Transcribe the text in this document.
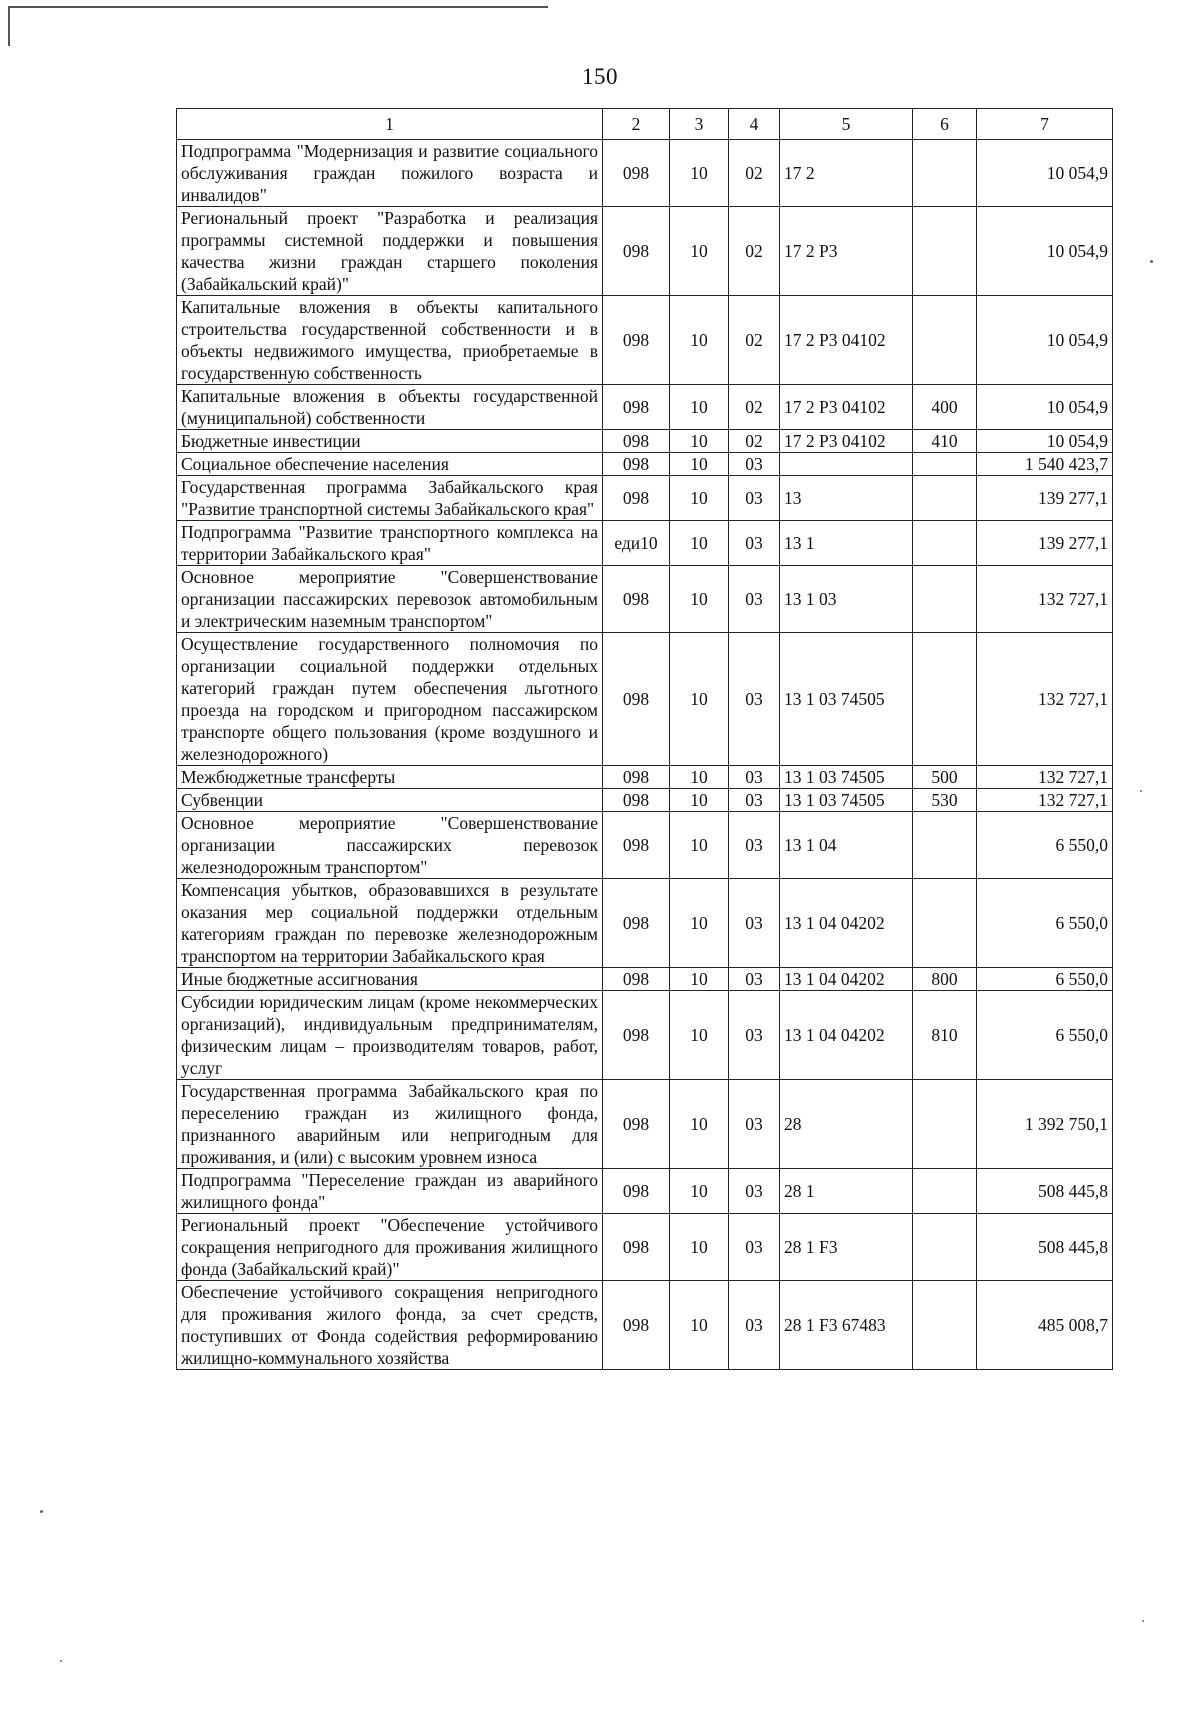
150
1	2	3	4	5	6	7
Подпрограмма "Модернизация и развитие социального обслуживания граждан пожилого возраста и инвалидов"	098	10	02	17 2		10 054,9
Региональный проект "Разработка и реализация программы системной поддержки и повышения качества жизни граждан старшего поколения (Забайкальский край)"	098	10	02	17 2 P3		10 054,9
Капитальные вложения в объекты капитального строительства государственной собственности и в объекты недвижимого имущества, приобретаемые в государственную собственность	098	10	02	17 2 P3 04102		10 054,9
Капитальные вложения в объекты государственной (муниципальной) собственности	098	10	02	17 2 P3 04102	400	10 054,9
Бюджетные инвестиции	098	10	02	17 2 P3 04102	410	10 054,9
Социальное обеспечение населения	098	10	03			1 540 423,7
Государственная программа Забайкальского края "Развитие транспортной системы Забайкальского края"	098	10	03	13		139 277,1
Подпрограмма "Развитие транспортного комплекса на территории Забайкальского края"	еди10	10	03	13 1		139 277,1
Основное мероприятие "Совершенствование организации пассажирских перевозок автомобильным и электрическим наземным транспортом"	098	10	03	13 1 03		132 727,1
Осуществление государственного полномочия по организации социальной поддержки отдельных категорий граждан путем обеспечения льготного проезда на городском и пригородном пассажирском транспорте общего пользования (кроме воздушного и железнодорожного)	098	10	03	13 1 03 74505		132 727,1
Межбюджетные трансферты	098	10	03	13 1 03 74505	500	132 727,1
Субвенции	098	10	03	13 1 03 74505	530	132 727,1
Основное мероприятие "Совершенствование организации пассажирских перевозок железнодорожным транспортом"	098	10	03	13 1 04		6 550,0
Компенсация убытков, образовавшихся в результате оказания мер социальной поддержки отдельным категориям граждан по перевозке железнодорожным транспортом на территории Забайкальского края	098	10	03	13 1 04 04202		6 550,0
Иные бюджетные ассигнования	098	10	03	13 1 04 04202	800	6 550,0
Субсидии юридическим лицам (кроме некоммерческих организаций), индивидуальным предпринимателям, физическим лицам – производителям товаров, работ, услуг	098	10	03	13 1 04 04202	810	6 550,0
Государственная программа Забайкальского края по переселению граждан из жилищного фонда, признанного аварийным или непригодным для проживания, и (или) с высоким уровнем износа	098	10	03	28		1 392 750,1
Подпрограмма "Переселение граждан из аварийного жилищного фонда"	098	10	03	28 1		508 445,8
Региональный проект "Обеспечение устойчивого сокращения непригодного для проживания жилищного фонда (Забайкальский край)"	098	10	03	28 1 F3		508 445,8
Обеспечение устойчивого сокращения непригодного для проживания жилого фонда, за счет средств, поступивших от Фонда содействия реформированию жилищно-коммунального хозяйства	098	10	03	28 1 F3 67483		485 008,7
